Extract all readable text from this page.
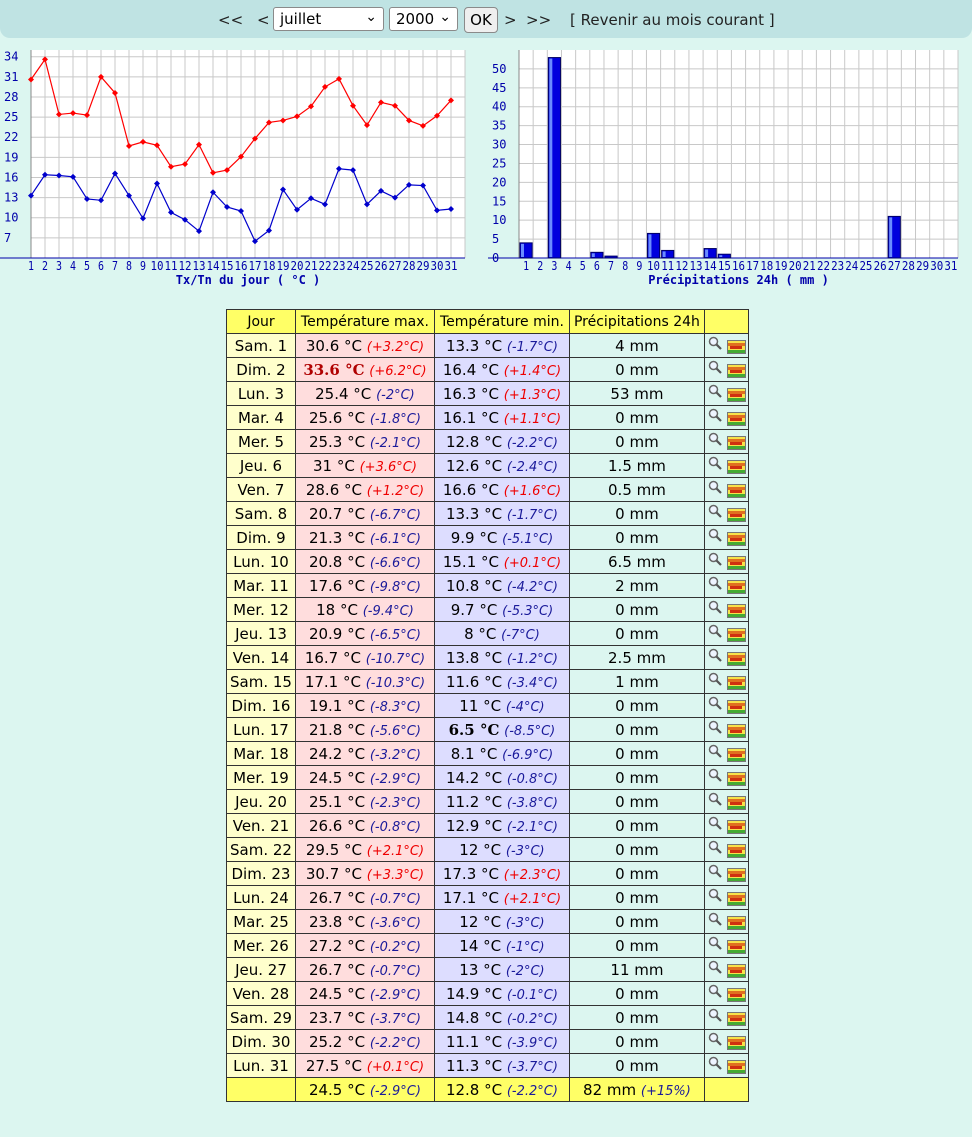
<< < juillet	⌄ 2000 ⌄	OK > >> [ Revenir au mois courant ]
34
31
28
25
22
19
16
13
10
7
1 2 3 4 5 6 7 8 9 10 11 12 13 14 15 16 17 18 19 20 21 22 23 24 25 26 27 28 29 30 31
Tx/Tn du jour ( °C )
50
45
40
35
30
25
20
15
10
5
0
1 2 3 4 5 6 7 8 9 10 11 12 13 14 15 16 17 18 19 20 21 22 23 24 25 26 27 28 29 30 31
Précipitations 24h ( mm )
Jour	Température max.	Température min.	Précipitations 24h	
Sam. 1	30.6 °C (+3.2°C)	13.3 °C (-1.7°C)	4 mm	

Dim. 2	33.6 °C (+6.2°C)	16.4 °C (+1.4°C)	0 mm	

Lun. 3	25.4 °C (-2°C)	16.3 °C (+1.3°C)	53 mm	

Mar. 4	25.6 °C (-1.8°C)	16.1 °C (+1.1°C)	0 mm	

Mer. 5	25.3 °C (-2.1°C)	12.8 °C (-2.2°C)	0 mm	

Jeu. 6	31 °C (+3.6°C)	12.6 °C (-2.4°C)	1.5 mm	

Ven. 7	28.6 °C (+1.2°C)	16.6 °C (+1.6°C)	0.5 mm	

Sam. 8	20.7 °C (-6.7°C)	13.3 °C (-1.7°C)	0 mm	

Dim. 9	21.3 °C (-6.1°C)	9.9 °C (-5.1°C)	0 mm	

Lun. 10	20.8 °C (-6.6°C)	15.1 °C (+0.1°C)	6.5 mm	

Mar. 11	17.6 °C (-9.8°C)	10.8 °C (-4.2°C)	2 mm	

Mer. 12	18 °C (-9.4°C)	9.7 °C (-5.3°C)	0 mm	

Jeu. 13	20.9 °C (-6.5°C)	8 °C (-7°C)	0 mm	

Ven. 14	16.7 °C (-10.7°C)	13.8 °C (-1.2°C)	2.5 mm	

Sam. 15	17.1 °C (-10.3°C)	11.6 °C (-3.4°C)	1 mm	

Dim. 16	19.1 °C (-8.3°C)	11 °C (-4°C)	0 mm	

Lun. 17	21.8 °C (-5.6°C)	6.5 °C (-8.5°C)	0 mm	

Mar. 18	24.2 °C (-3.2°C)	8.1 °C (-6.9°C)	0 mm	

Mer. 19	24.5 °C (-2.9°C)	14.2 °C (-0.8°C)	0 mm	

Jeu. 20	25.1 °C (-2.3°C)	11.2 °C (-3.8°C)	0 mm	

Ven. 21	26.6 °C (-0.8°C)	12.9 °C (-2.1°C)	0 mm	

Sam. 22	29.5 °C (+2.1°C)	12 °C (-3°C)	0 mm	

Dim. 23	30.7 °C (+3.3°C)	17.3 °C (+2.3°C)	0 mm	

Lun. 24	26.7 °C (-0.7°C)	17.1 °C (+2.1°C)	0 mm	

Mar. 25	23.8 °C (-3.6°C)	12 °C (-3°C)	0 mm	

Mer. 26	27.2 °C (-0.2°C)	14 °C (-1°C)	0 mm	

Jeu. 27	26.7 °C (-0.7°C)	13 °C (-2°C)	11 mm	

Ven. 28	24.5 °C (-2.9°C)	14.9 °C (-0.1°C)	0 mm	

Sam. 29	23.7 °C (-3.7°C)	14.8 °C (-0.2°C)	0 mm	

Dim. 30	25.2 °C (-2.2°C)	11.1 °C (-3.9°C)	0 mm	

Lun. 31	27.5 °C (+0.1°C)	11.3 °C (-3.7°C)	0 mm	

	24.5 °C (-2.9°C)	12.8 °C (-2.2°C)	82 mm (+15%)	
